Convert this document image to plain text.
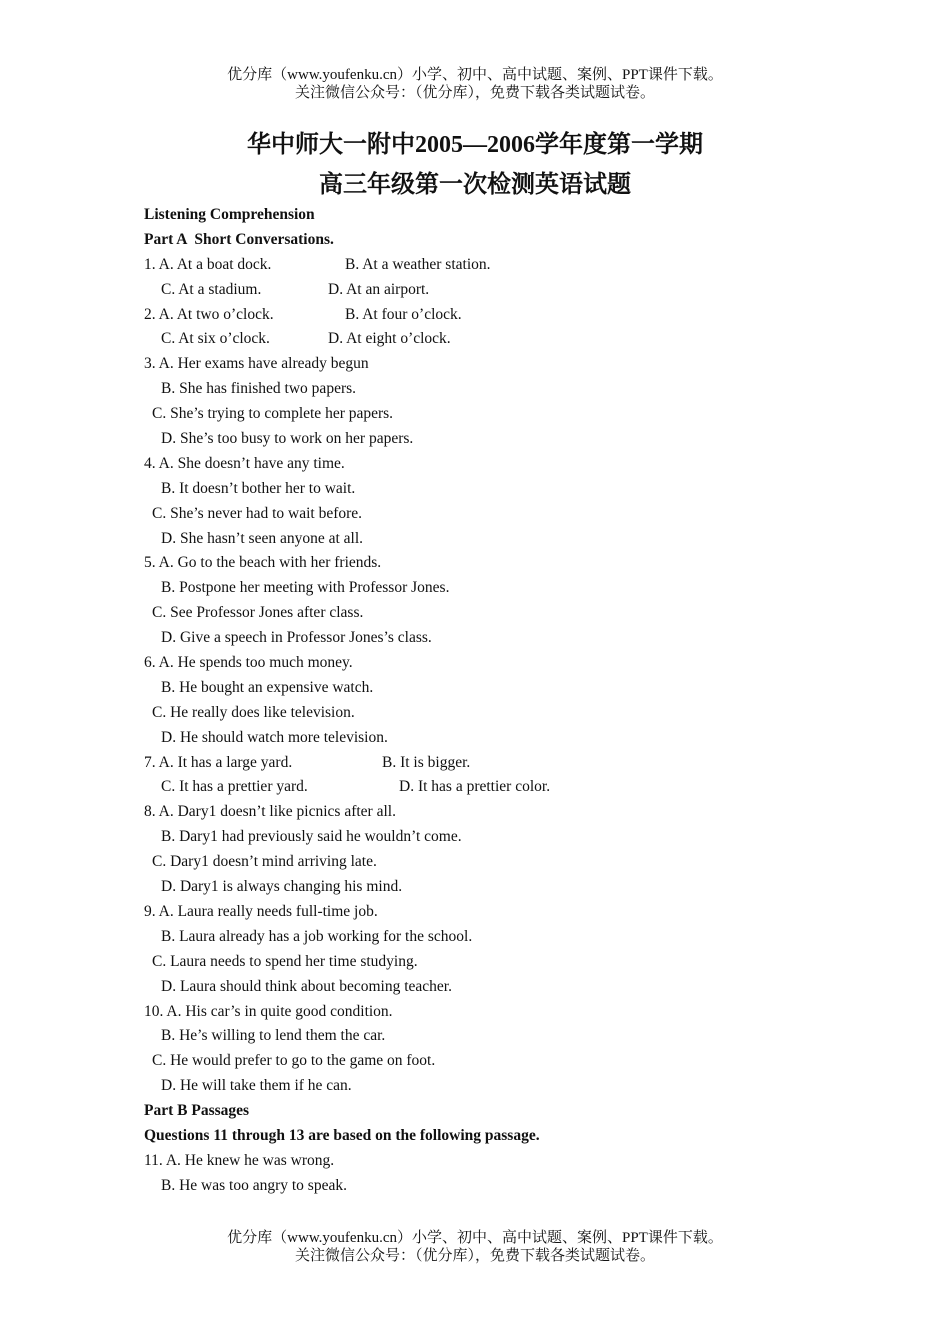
优分库（www.youfenku.cn）小学、初中、高中试题、案例、PPT课件下载。
关注微信公众号：（优分库），免费下载各类试题试卷。
华中师大一附中2005—2006学年度第一学期
高三年级第一次检测英语试题
Listening Comprehension
Part A  Short Conversations.
1. A. At a boat dock.	B. At a weather station.
C. At a stadium.	D. At an airport.
2. A. At two o’clock.	B. At four o’clock.
C. At six o’clock.	D. At eight o’clock.
3. A. Her exams have already begun
B. She has finished two papers.
C. She’s trying to complete her papers.
D. She’s too busy to work on her papers.
4. A. She doesn’t have any time.
B. It doesn’t bother her to wait.
C. She’s never had to wait before.
D. She hasn’t seen anyone at all.
5. A. Go to the beach with her friends.
B. Postpone her meeting with Professor Jones.
C. See Professor Jones after class.
D. Give a speech in Professor Jones’s class.
6. A. He spends too much money.
B. He bought an expensive watch.
C. He really does like television.
D. He should watch more television.
7. A. It has a large yard.	B. It is bigger.
C. It has a prettier yard.	D. It has a prettier color.
8. A. Dary1 doesn’t like picnics after all.
B. Dary1 had previously said he wouldn’t come.
C. Dary1 doesn’t mind arriving late.
D. Dary1 is always changing his mind.
9. A. Laura really needs full-time job.
B. Laura already has a job working for the school.
C. Laura needs to spend her time studying.
D. Laura should think about becoming teacher.
10. A. His car’s in quite good condition.
B. He’s willing to lend them the car.
C. He would prefer to go to the game on foot.
D. He will take them if he can.
Part B Passages
Questions 11 through 13 are based on the following passage.
11. A. He knew he was wrong.
B. He was too angry to speak.
优分库（www.youfenku.cn）小学、初中、高中试题、案例、PPT课件下载。
关注微信公众号：（优分库），免费下载各类试题试卷。
